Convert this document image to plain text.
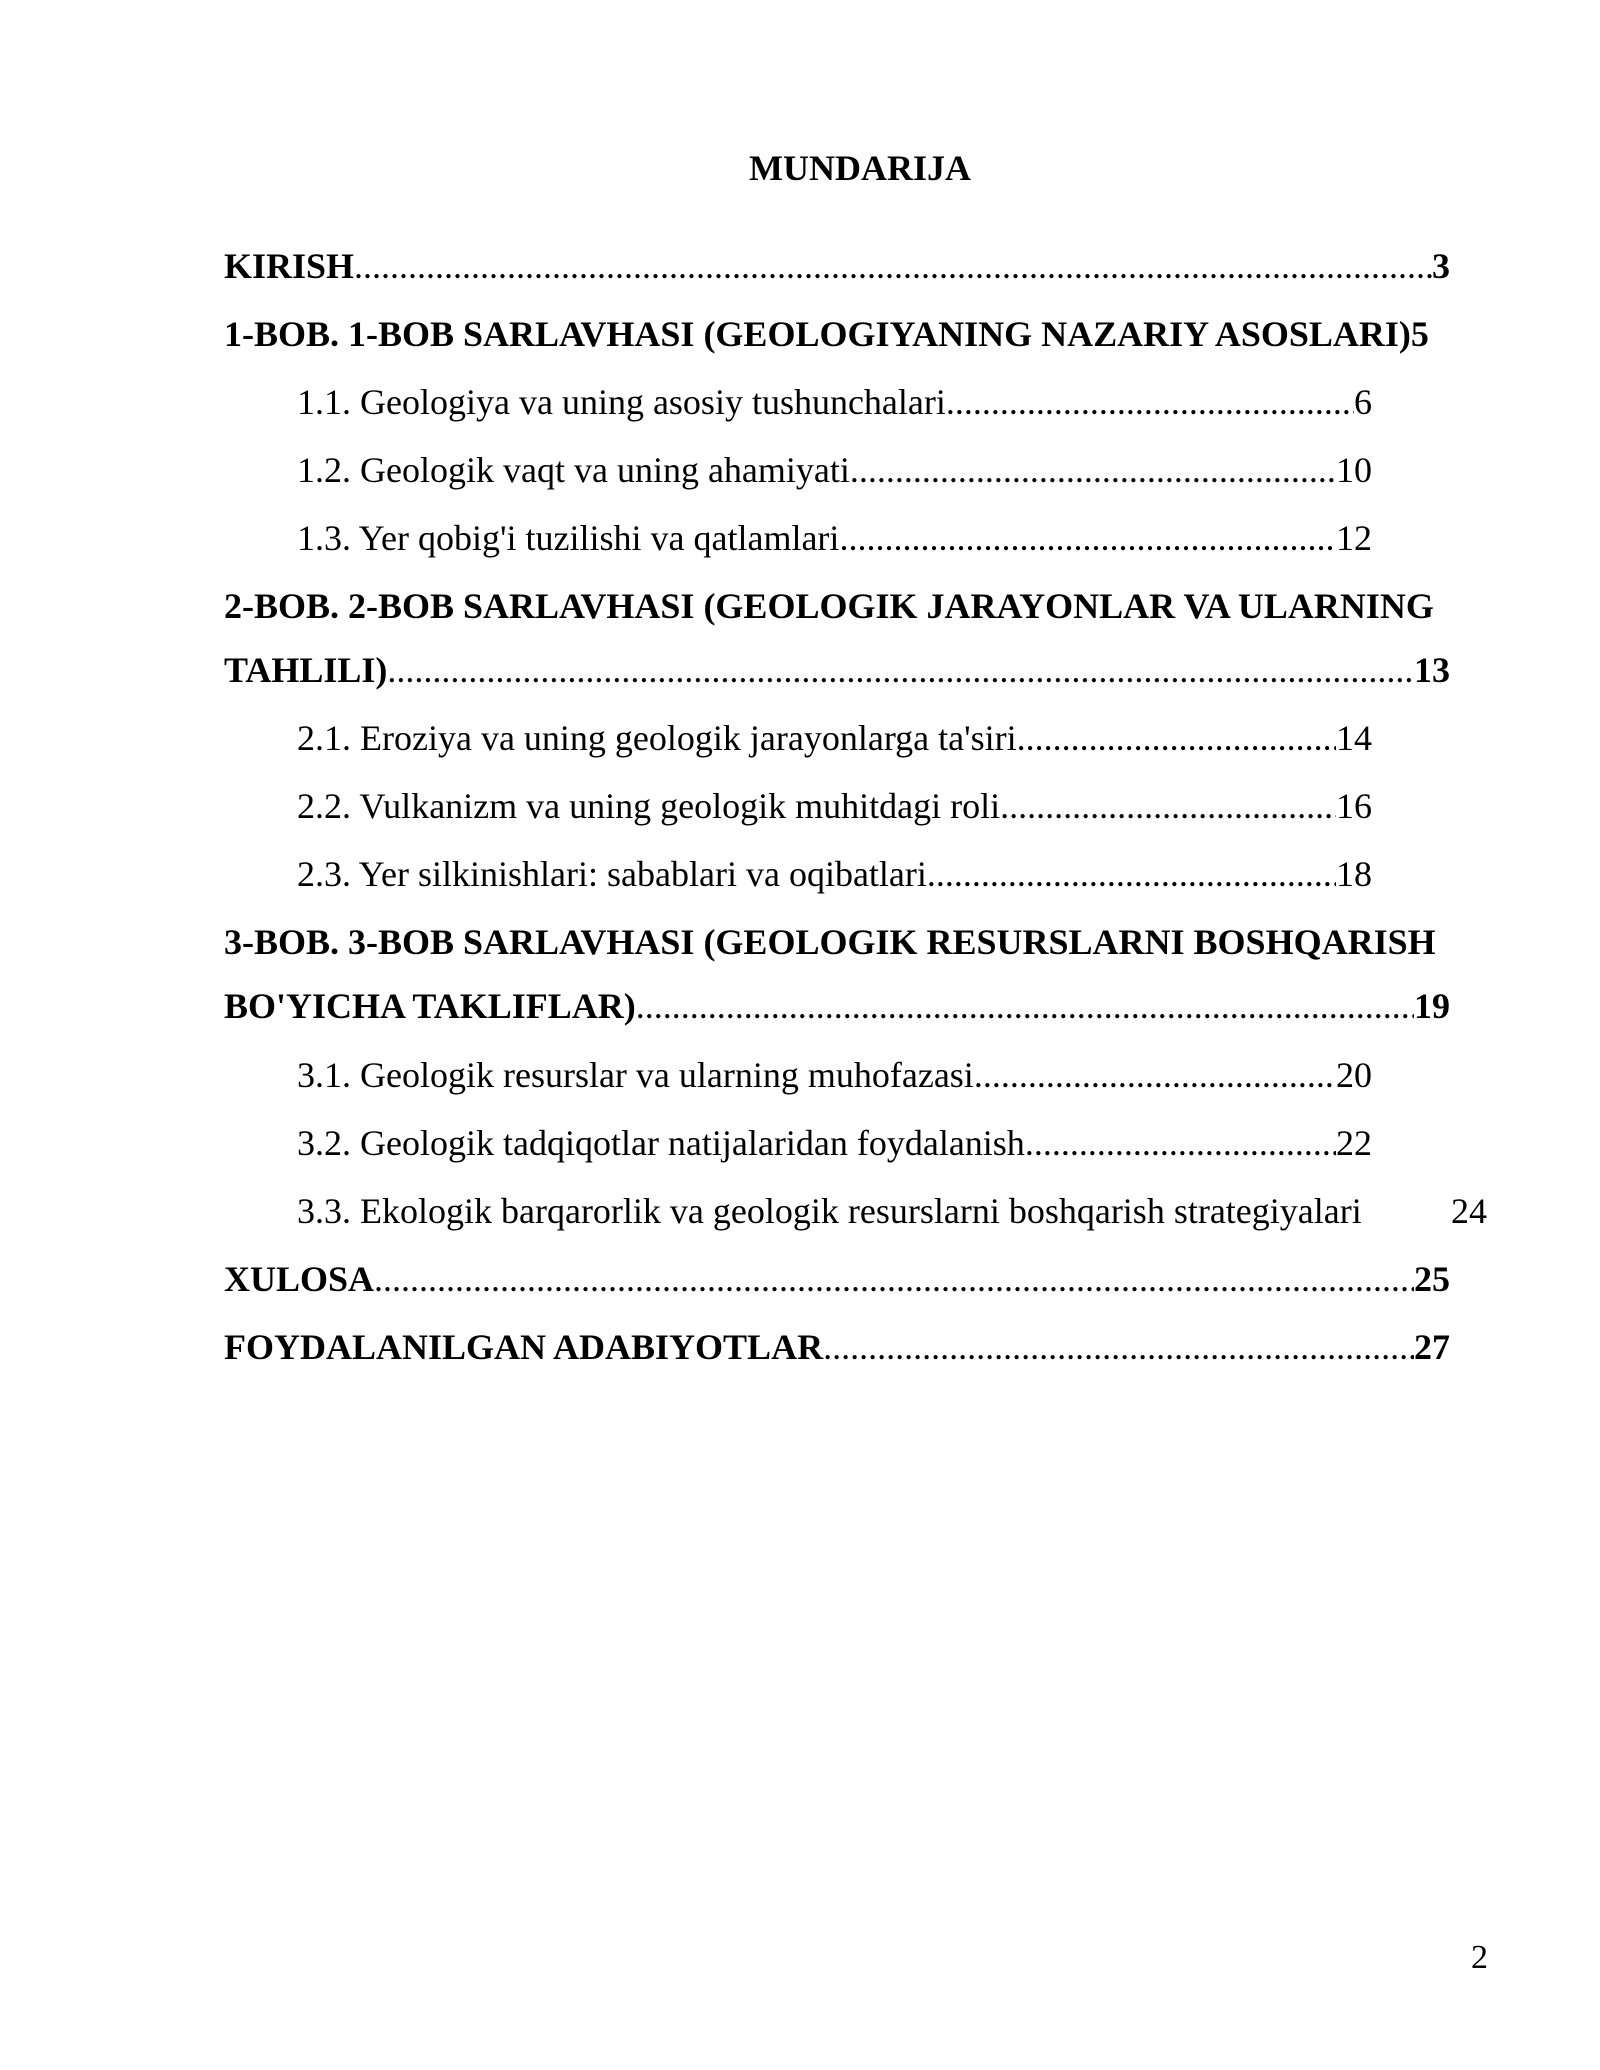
MUNDARIJA
KIRISH .....	3
1-BOB. 1-BOB SARLAVHASI (GEOLOGIYANING NAZARIY ASOSLARI) 5
1.1. Geologiya va uning asosiy tushunchalari .....	6
1.2. Geologik vaqt va uning ahamiyati .....	10
1.3. Yer qobig'i tuzilishi va qatlamlari .....	12
2-BOB. 2-BOB SARLAVHASI (GEOLOGIK JARAYONLAR VA ULARNING
TAHLILI) .....	13
2.1. Eroziya va uning geologik jarayonlarga ta'siri .....	14
2.2. Vulkanizm va uning geologik muhitdagi roli .....	16
2.3. Yer silkinishlari: sabablari va oqibatlari .....	18
3-BOB. 3-BOB SARLAVHASI (GEOLOGIK RESURSLARNI BOSHQARISH
BO'YICHA TAKLIFLAR) .....	19
3.1. Geologik resurslar va ularning muhofazasi .....	20
3.2. Geologik tadqiqotlar natijalaridan foydalanish .....	22
3.3. Ekologik barqarorlik va geologik resurslarni boshqarish strategiyalari 24
XULOSA .....	25
FOYDALANILGAN ADABIYOTLAR .....	27
2
